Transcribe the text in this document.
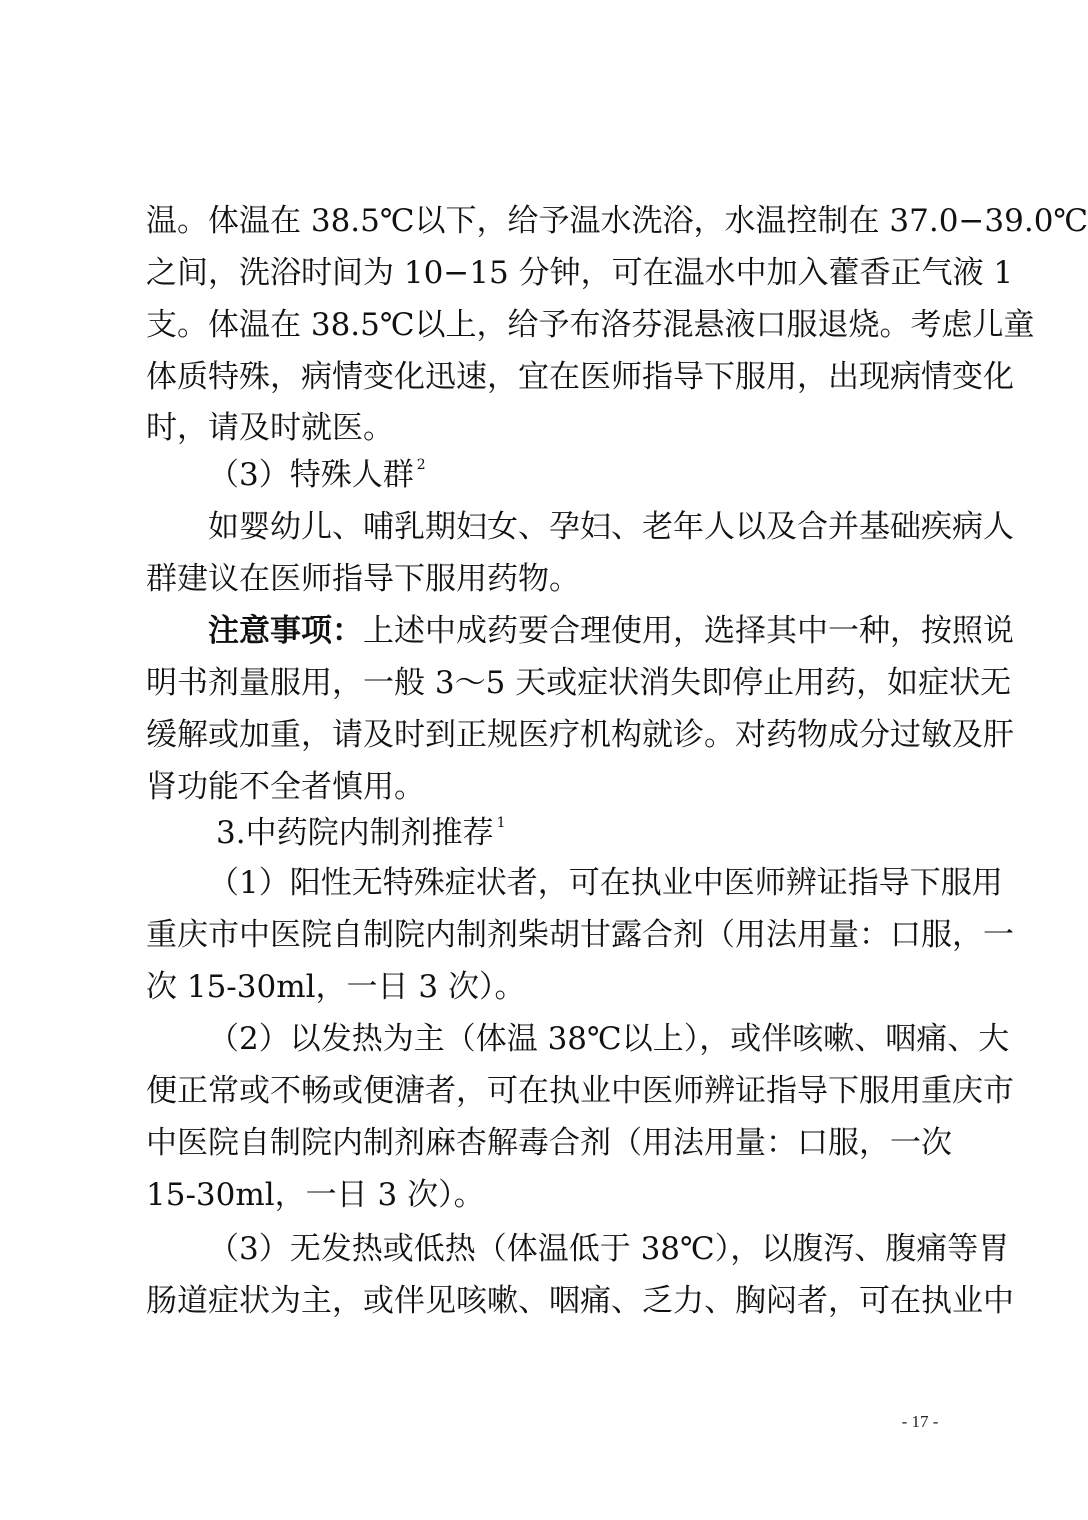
温。体温在 38.5℃以下，给予温水洗浴，水温控制在 37.0−39.0℃
之间，洗浴时间为 10−15 分钟，可在温水中加入藿香正气液 1
支。体温在 38.5℃以上，给予布洛芬混悬液口服退烧。考虑儿童
体质特殊，病情变化迅速，宜在医师指导下服用，出现病情变化
时，请及时就医。
（3）特殊人群 $^2$
如婴幼儿、哺乳期妇女、孕妇、老年人以及合并基础疾病人
群建议在医师指导下服用药物。
注意事项：上述中成药要合理使用，选择其中一种，按照说
明书剂量服用，一般 3～5 天或症状消失即停止用药，如症状无
缓解或加重，请及时到正规医疗机构就诊。对药物成分过敏及肝
肾功能不全者慎用。
3.中药院内制剂推荐 $^1$
（1）阳性无特殊症状者，可在执业中医师辨证指导下服用
重庆市中医院自制院内制剂柴胡甘露合剂（用法用量：口服，一
次 15-30ml，一日 3 次）。
（2）以发热为主（体温 38℃以上），或伴咳嗽、咽痛、大
便正常或不畅或便溏者，可在执业中医师辨证指导下服用重庆市
中医院自制院内制剂麻杏解毒合剂（用法用量：口服，一次
15-30ml，一日 3 次）。
（3）无发热或低热（体温低于 38℃），以腹泻、腹痛等胃
肠道症状为主，或伴见咳嗽、咽痛、乏力、胸闷者，可在执业中
- 17 -
